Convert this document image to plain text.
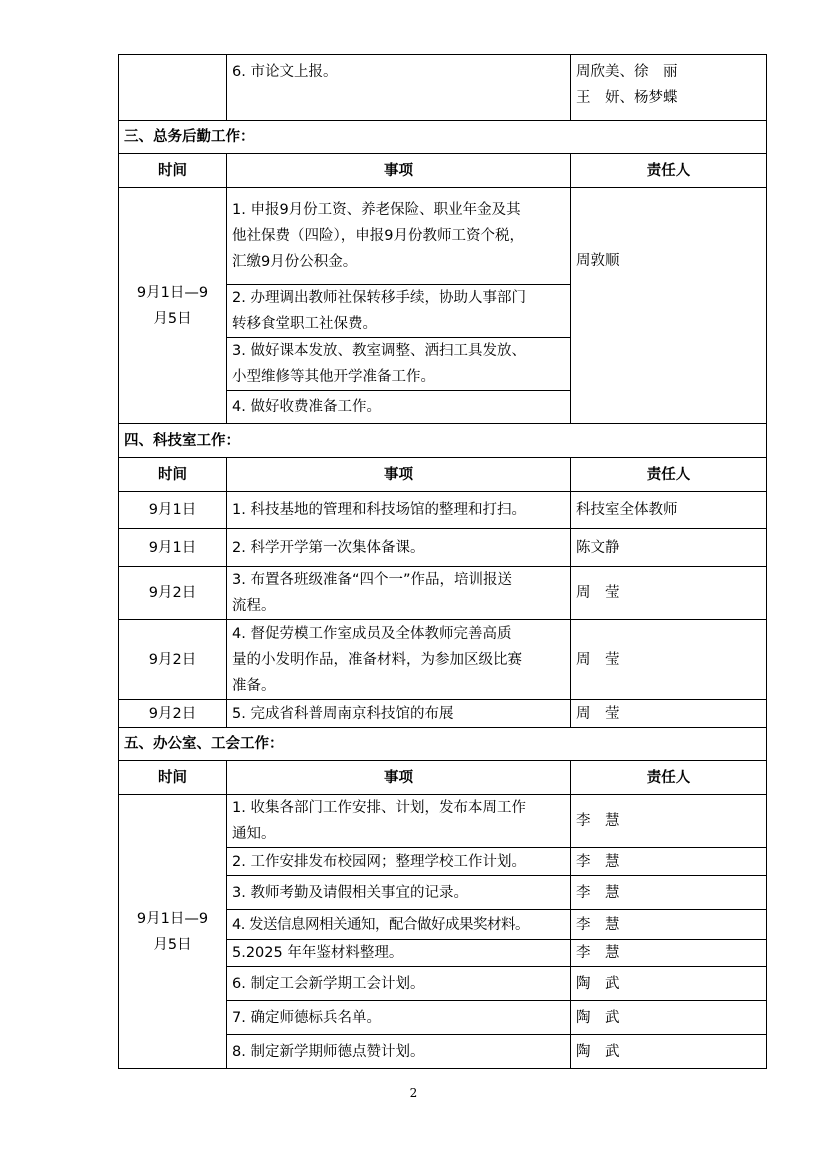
	6. 市论文上报。	周欣美、徐　丽
王　妍、杨梦蝶

三、总务后勤工作：		
时间	事项	责任人

9月1日—9
月5日	1. 申报9月份工资、养老保险、职业年金及其
他社保费（四险），申报9月份教师工资个税，
汇缴9月份公积金。	周敦顺

	2. 办理调出教师社保转移手续，协助人事部门
转移食堂职工社保费。	

	3. 做好课本发放、教室调整、洒扫工具发放、
小型维修等其他开学准备工作。	

	4. 做好收费准备工作。	
四、科技室工作：		
时间	事项	责任人
9月1日	1. 科技基地的管理和科技场馆的整理和打扫。	科技室全体教师
9月1日	2. 科学开学第一次集体备课。	陈文静
9月2日	3. 布置各班级准备“四个一”作品，培训报送
流程。	周　莹
9月2日	4. 督促劳模工作室成员及全体教师完善高质
量的小发明作品，准备材料，为参加区级比赛
准备。	周　莹
9月2日	5. 完成省科普周南京科技馆的布展	周　莹
五、办公室、工会工作：		
时间	事项	责任人

9月1日—9
月5日	1. 收集各部门工作安排、计划，发布本周工作
通知。	李　慧
	2. 工作安排发布校园网；整理学校工作计划。	李　慧
	3. 教师考勤及请假相关事宜的记录。	李　慧
	4. 发送信息网相关通知，配合做好成果奖材料。	李　慧
	5.2025 年年鉴材料整理。	李　慧
	6. 制定工会新学期工会计划。	陶　武
	7. 确定师德标兵名单。	陶　武
	8. 制定新学期师德点赞计划。	陶　武
2
